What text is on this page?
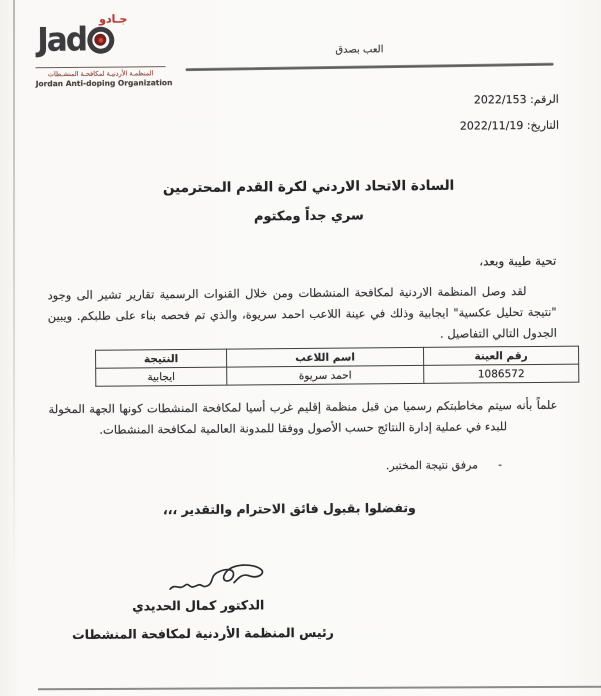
جـادو
Jad
المنظمـة الأردنيـة لمكافحـة المنشـطات
Jordan Anti-doping Organization
العب بصدق
الرقم: 2022/153
التاريخ: 2022/11/19
السادة الاتحاد الاردني لكرة القدم المحترمين
سري جداً ومكتوم
تحية طيبة وبعد،
لقد وصل المنظمة الاردنية لمكافحة المنشطات ومن خلال القنوات الرسمية تقارير تشير الى وجود "نتيجة تحليل عكسية" ايجابية وذلك في عينة اللاعب احمد سريوة، والذي تم فحصه بناء على طلبكم. ويبين الجدول التالي التفاصيل .
رقم العينة	اسم اللاعب	النتيجة
1086572	احمد سريوة	ايجابية
علماً بأنه سيتم مخاطبتكم رسميا من قبل منظمة إقليم غرب أسيا لمكافحة المنشطات كونها الجهة المخولة للبدء في عملية إدارة النتائج حسب الأصول ووفقا للمدونة العالمية لمكافحة المنشطات.
-
مرفق نتيجة المختبر.
وتفضلوا بقبول فائق الاحترام والتقدير ،،،
الدكتور كمال الحديدي
رئيس المنظمة الأردنية لمكافحة المنشطات
